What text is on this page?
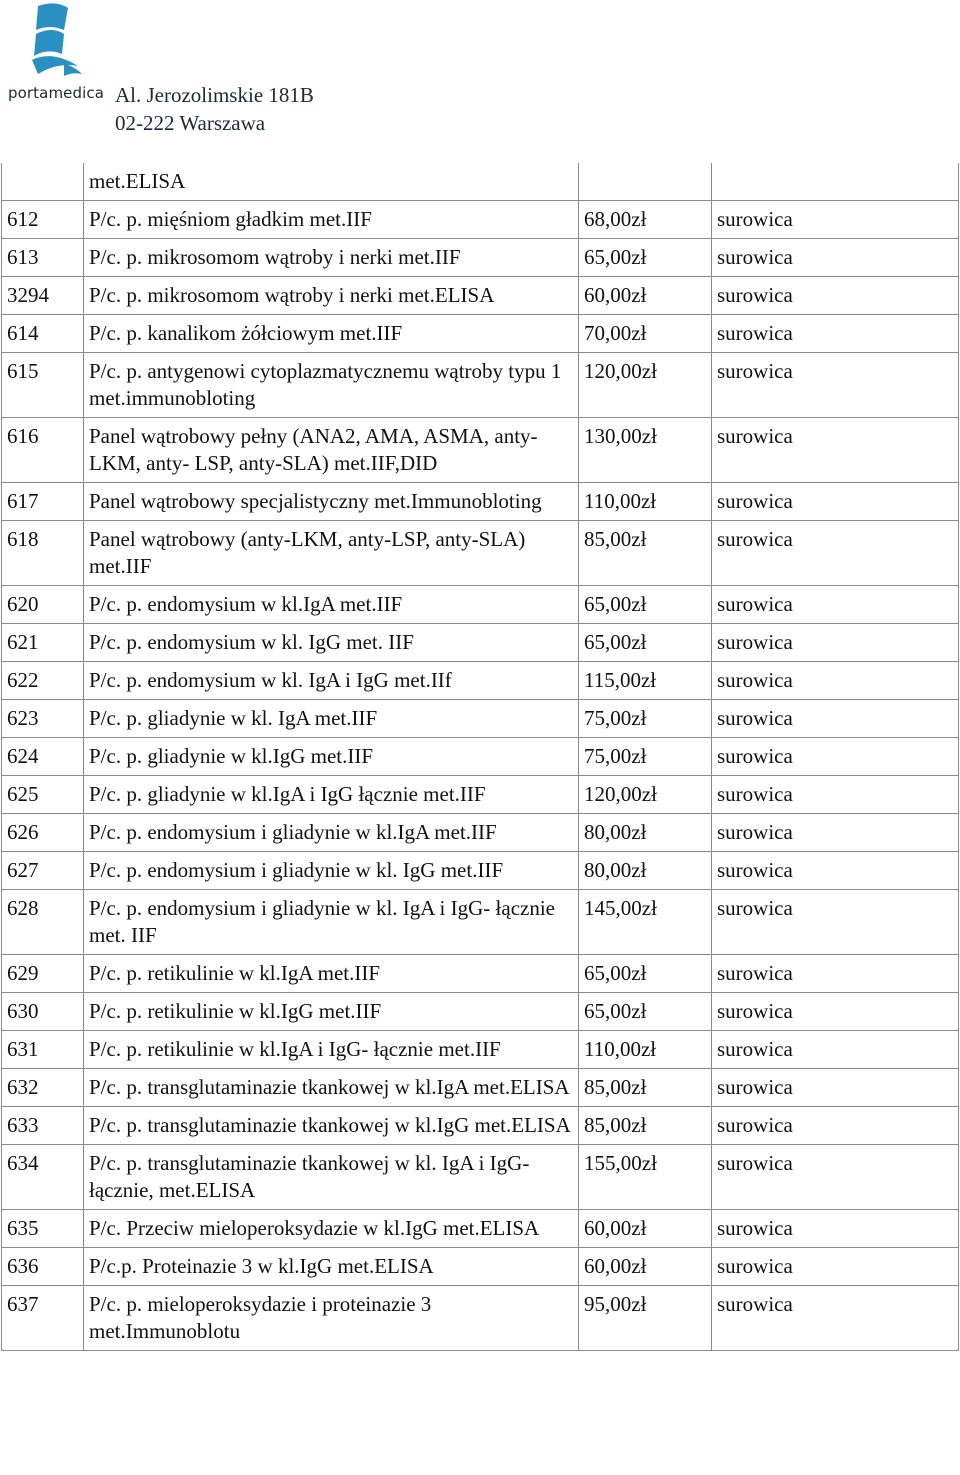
portamedica Al. Jerozolimskie 181B
02-222 Warszawa
	met.ELISA		
612	P/c. p. mięśniom gładkim met.IIF	68,00zł	surowica
613	P/c. p. mikrosomom wątroby i nerki met.IIF	65,00zł	surowica
3294	P/c. p. mikrosomom wątroby i nerki met.ELISA	60,00zł	surowica
614	P/c. p. kanalikom żółciowym met.IIF	70,00zł	surowica
615	P/c. p. antygenowi cytoplazmatycznemu wątroby typu 1 met.immunobloting	120,00zł	surowica
616	Panel wątrobowy pełny (ANA2, AMA, ASMA, anty-LKM, anty- LSP, anty-SLA) met.IIF,DID	130,00zł	surowica
617	Panel wątrobowy specjalistyczny met.Immunobloting	110,00zł	surowica
618	Panel wątrobowy (anty-LKM, anty-LSP, anty-SLA) met.IIF	85,00zł	surowica
620	P/c. p. endomysium w kl.IgA met.IIF	65,00zł	surowica
621	P/c. p. endomysium w kl. IgG met. IIF	65,00zł	surowica
622	P/c. p. endomysium w kl. IgA i IgG met.IIf	115,00zł	surowica
623	P/c. p. gliadynie w kl. IgA met.IIF	75,00zł	surowica
624	P/c. p. gliadynie w kl.IgG met.IIF	75,00zł	surowica
625	P/c. p. gliadynie w kl.IgA i IgG łącznie met.IIF	120,00zł	surowica
626	P/c. p. endomysium i gliadynie w kl.IgA met.IIF	80,00zł	surowica
627	P/c. p. endomysium i gliadynie w kl. IgG met.IIF	80,00zł	surowica
628	P/c. p. endomysium i gliadynie w kl. IgA i IgG- łącznie met. IIF	145,00zł	surowica
629	P/c. p. retikulinie w kl.IgA met.IIF	65,00zł	surowica
630	P/c. p. retikulinie w kl.IgG met.IIF	65,00zł	surowica
631	P/c. p. retikulinie w kl.IgA i IgG- łącznie met.IIF	110,00zł	surowica
632	P/c. p. transglutaminazie tkankowej w kl.IgA met.ELISA	85,00zł	surowica
633	P/c. p. transglutaminazie tkankowej w kl.IgG met.ELISA	85,00zł	surowica
634	P/c. p. transglutaminazie tkankowej w kl. IgA i IgG- łącznie, met.ELISA	155,00zł	surowica
635	P/c. Przeciw mieloperoksydazie w kl.IgG met.ELISA	60,00zł	surowica
636	P/c.p. Proteinazie 3 w kl.IgG met.ELISA	60,00zł	surowica
637	P/c. p. mieloperoksydazie i proteinazie 3 met.Immunoblotu	95,00zł	surowica
